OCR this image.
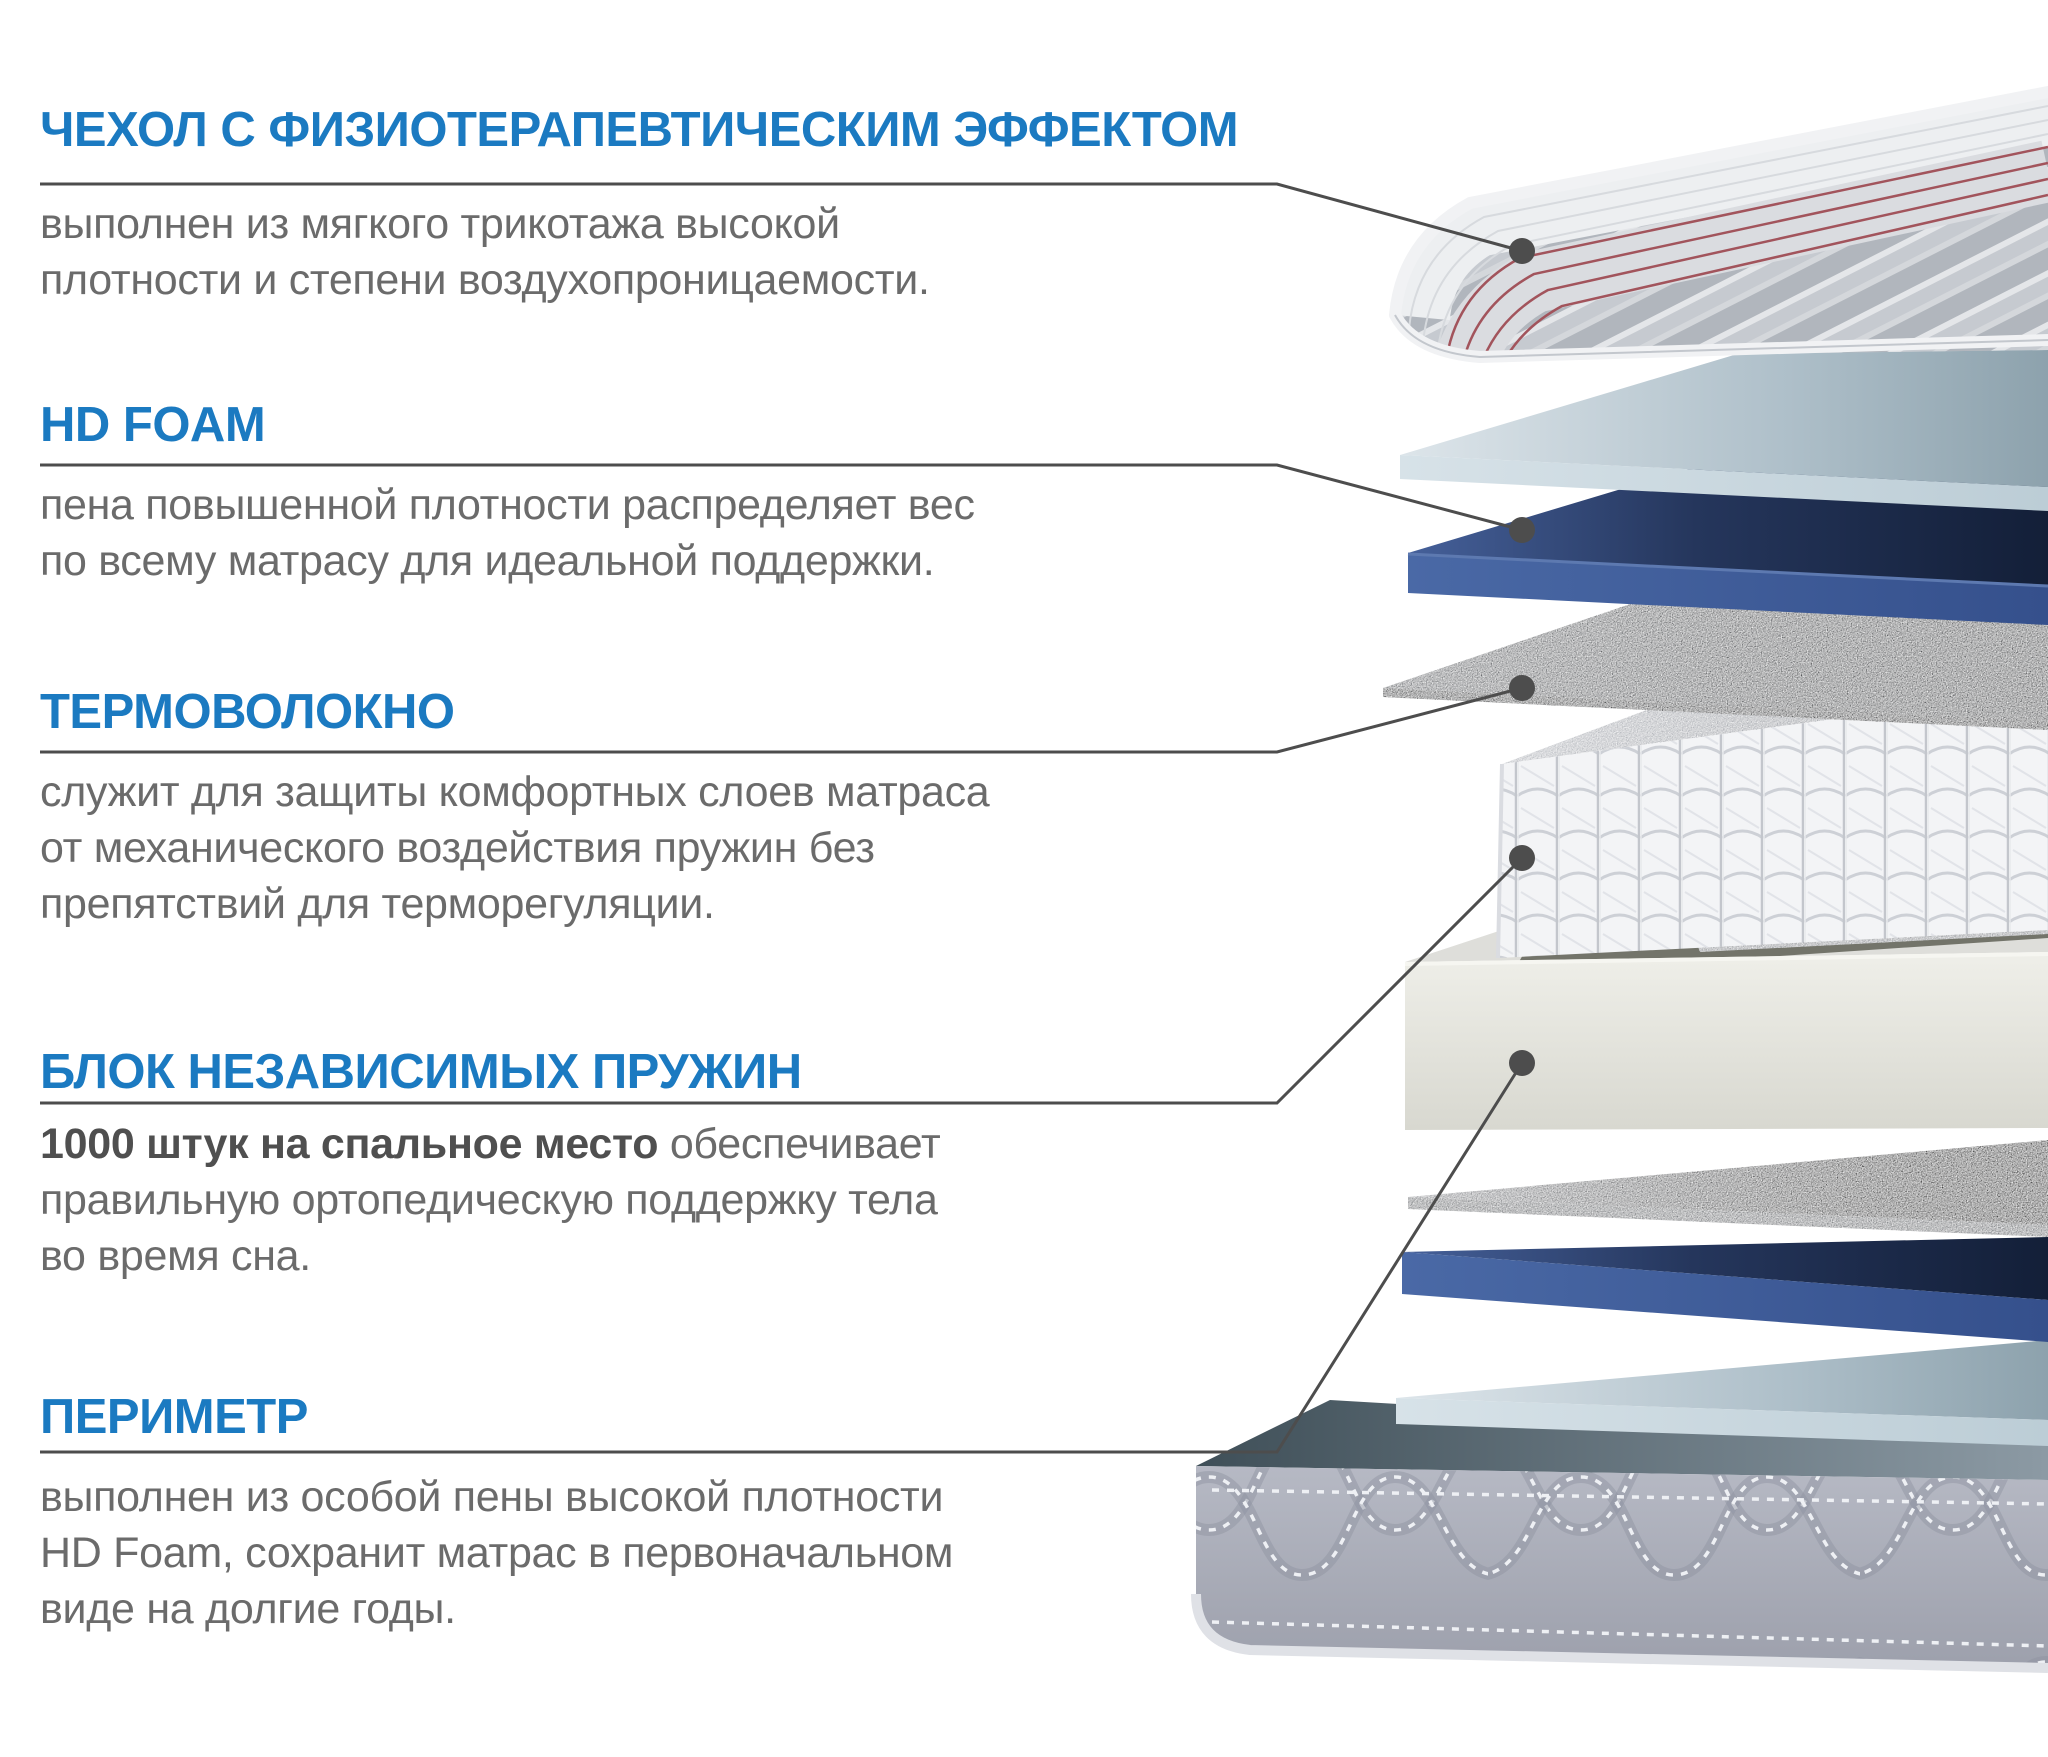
ЧЕХОЛ С ФИЗИОТЕРАПЕВТИЧЕСКИМ ЭФФЕКТОМ
выполнен из мягкого трикотажа высокой
плотности и степени воздухопроницаемости.
HD FOAM
пена повышенной плотности распределяет вес
по всему матрасу для идеальной поддержки.
ТЕРМОВОЛОКНО
служит для защиты комфортных слоев матраса
от механического воздействия пружин без
препятствий для терморегуляции.
БЛОК НЕЗАВИСИМЫХ ПРУЖИН
1000 штук на спальное место обеспечивает
правильную ортопедическую поддержку тела
во время сна.
ПЕРИМЕТР
выполнен из особой пены высокой плотности
HD Foam, сохранит матрас в первоначальном
виде на долгие годы.
